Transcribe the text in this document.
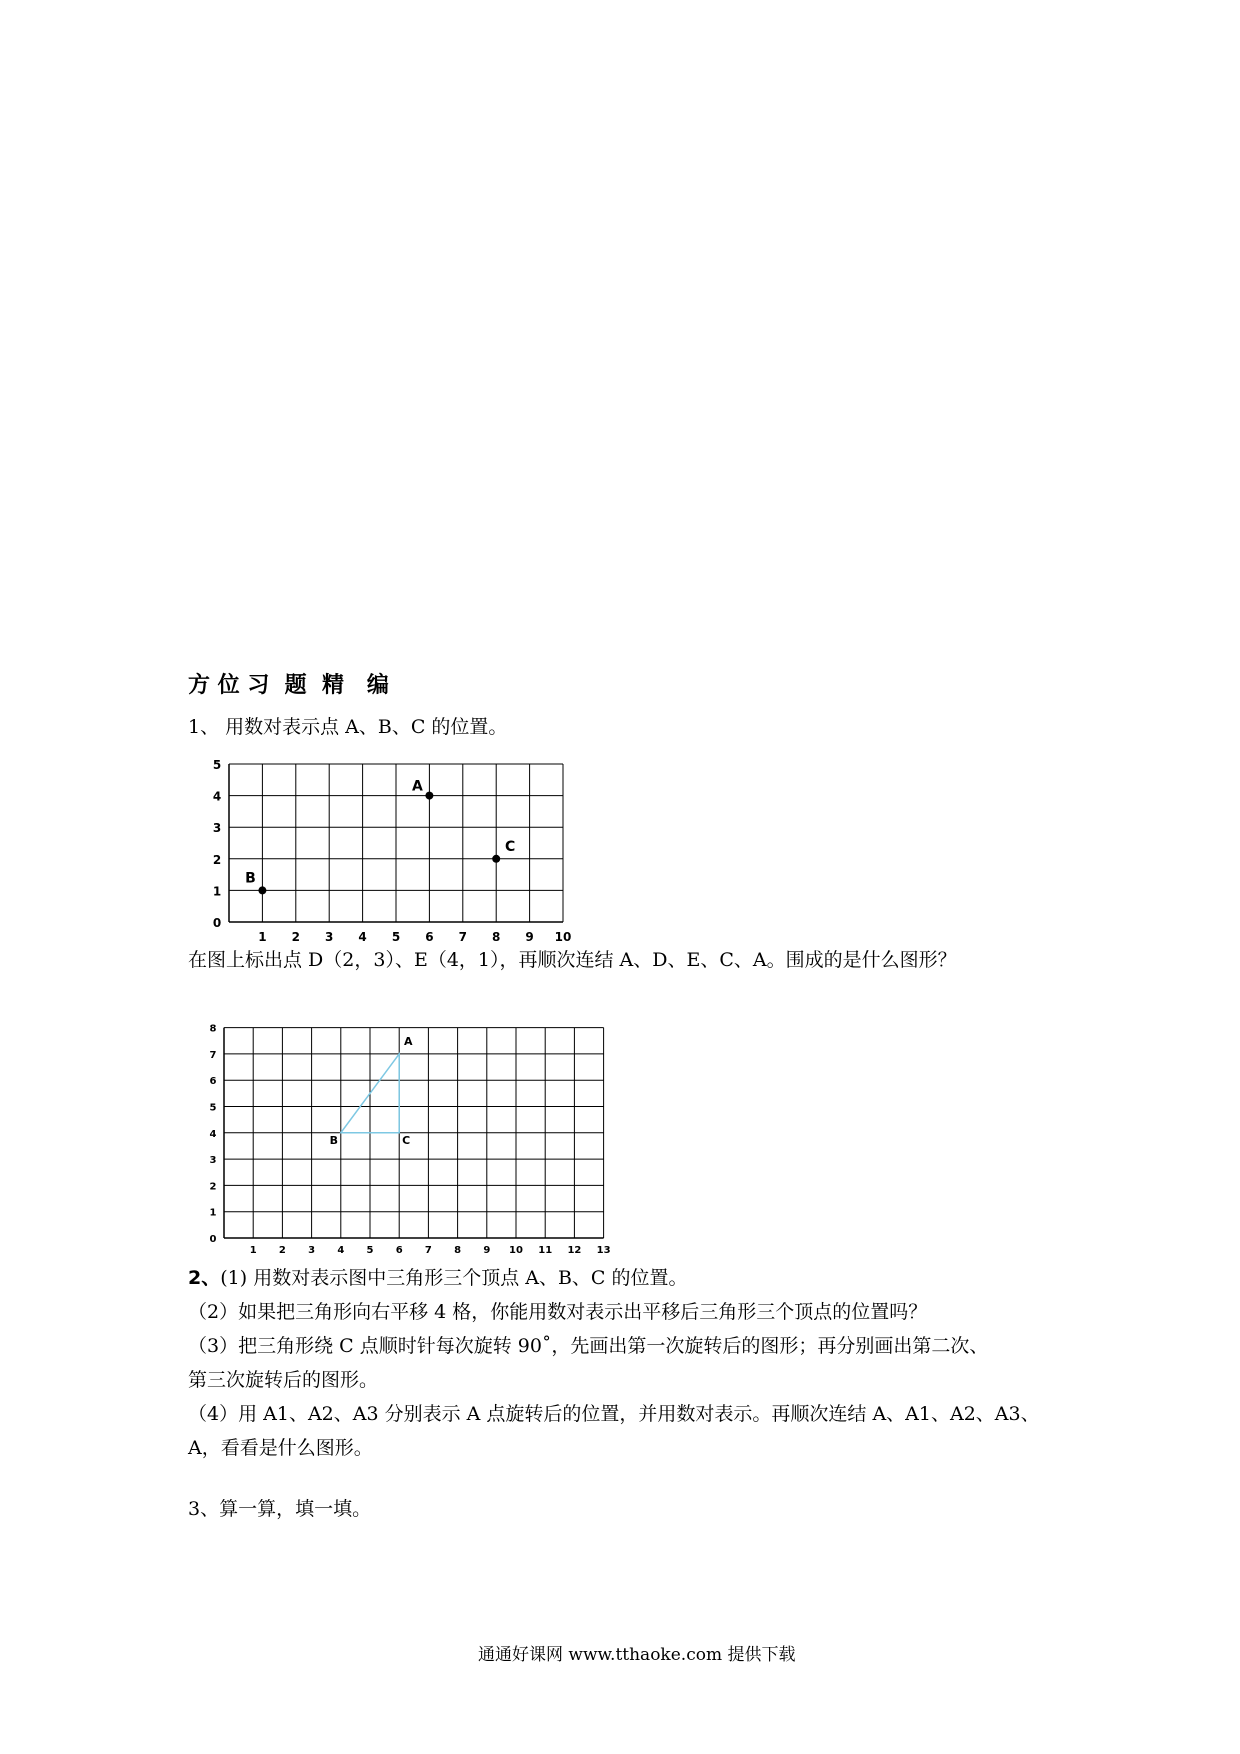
方 位 习  题  精   编
1、 用数对表示点 A、B、C 的位置。
1 2 3 4 5 6 7 8 9 10
0
1
2
3
4
5
A
B
C
在图上标出点 D（2，3）、E（4，1），再顺次连结 A、D、E、C、A。围成的是什么图形？
1 2 3 4 5 6 7 8 9 10 11 12 13
0
1
2
3
4
5
6
7
8
A
B	C
2、(1) 用数对表示图中三角形三个顶点 A、B、C 的位置。
（2）如果把三角形向右平移 4 格，你能用数对表示出平移后三角形三个顶点的位置吗？
（3）把三角形绕 C 点顺时针每次旋转 90˚，先画出第一次旋转后的图形；再分别画出第二次、
第三次旋转后的图形。
（4）用 A1、A2、A3 分别表示 A 点旋转后的位置，并用数对表示。再顺次连结 A、A1、A2、A3、
A，看看是什么图形。
3、算一算，填一填。
通通好课网 www.tthaoke.com 提供下载
